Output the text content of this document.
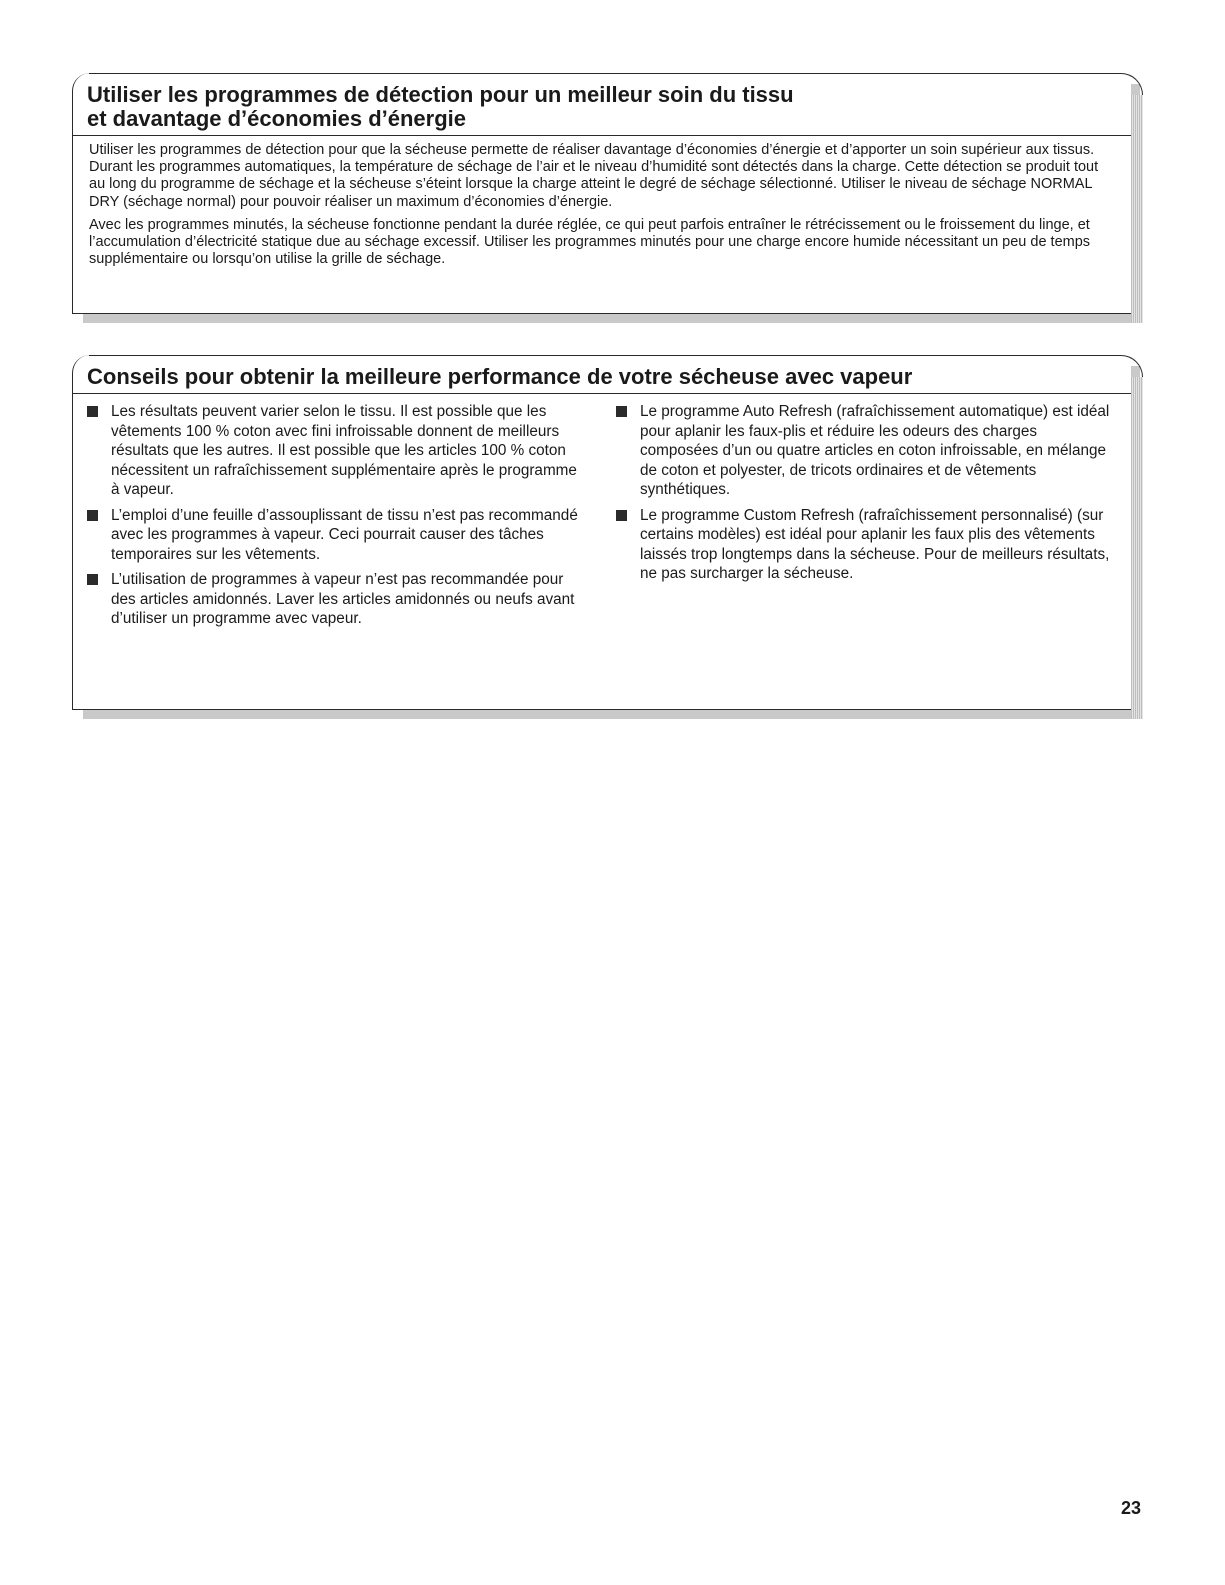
Utiliser les programmes de détection pour un meilleur soin du tissu
et davantage d’économies d’énergie

Utiliser les programmes de détection pour que la sécheuse permette de réaliser davantage d’économies d’énergie et d’apporter un soin supérieur aux tissus. Durant les programmes automatiques, la température de séchage de l’air et le niveau d’humidité sont détectés dans la charge. Cette détection se produit tout au long du programme de séchage et la sécheuse s’éteint lorsque la charge atteint le degré de séchage sélectionné. Utiliser le niveau de séchage NORMAL DRY (séchage normal) pour pouvoir réaliser un maximum d’économies d’énergie.

Avec les programmes minutés, la sécheuse fonctionne pendant la durée réglée, ce qui peut parfois entraîner le rétrécissement ou le froissement du linge, et l’accumulation d’électricité statique due au séchage excessif. Utiliser les programmes minutés pour une charge encore humide nécessitant un peu de temps supplémentaire ou lorsqu’on utilise la grille de séchage.

Conseils pour obtenir la meilleure performance de votre sécheuse avec vapeur
Les résultats peuvent varier selon le tissu. Il est possible que les vêtements 100 % coton avec fini infroissable donnent de meilleurs résultats que les autres. Il est possible que les articles 100 % coton nécessitent un rafraîchissement supplémentaire après le programme à vapeur.
L’emploi d’une feuille d’assouplissant de tissu n’est pas recommandé avec les programmes à vapeur. Ceci pourrait causer des tâches temporaires sur les vêtements.
L’utilisation de programmes à vapeur n’est pas recommandée pour des articles amidonnés. Laver les articles amidonnés ou neufs avant d’utiliser un programme avec vapeur.
Le programme Auto Refresh (rafraîchissement automatique) est idéal pour aplanir les faux-plis et réduire les odeurs des charges composées d’un ou quatre articles en coton infroissable, en mélange de coton et polyester, de tricots ordinaires et de vêtements synthétiques.
Le programme Custom Refresh (rafraîchissement personnalisé) (sur certains modèles) est idéal pour aplanir les faux plis des vêtements laissés trop longtemps dans la sécheuse. Pour de meilleurs résultats, ne pas surcharger la sécheuse.
23
